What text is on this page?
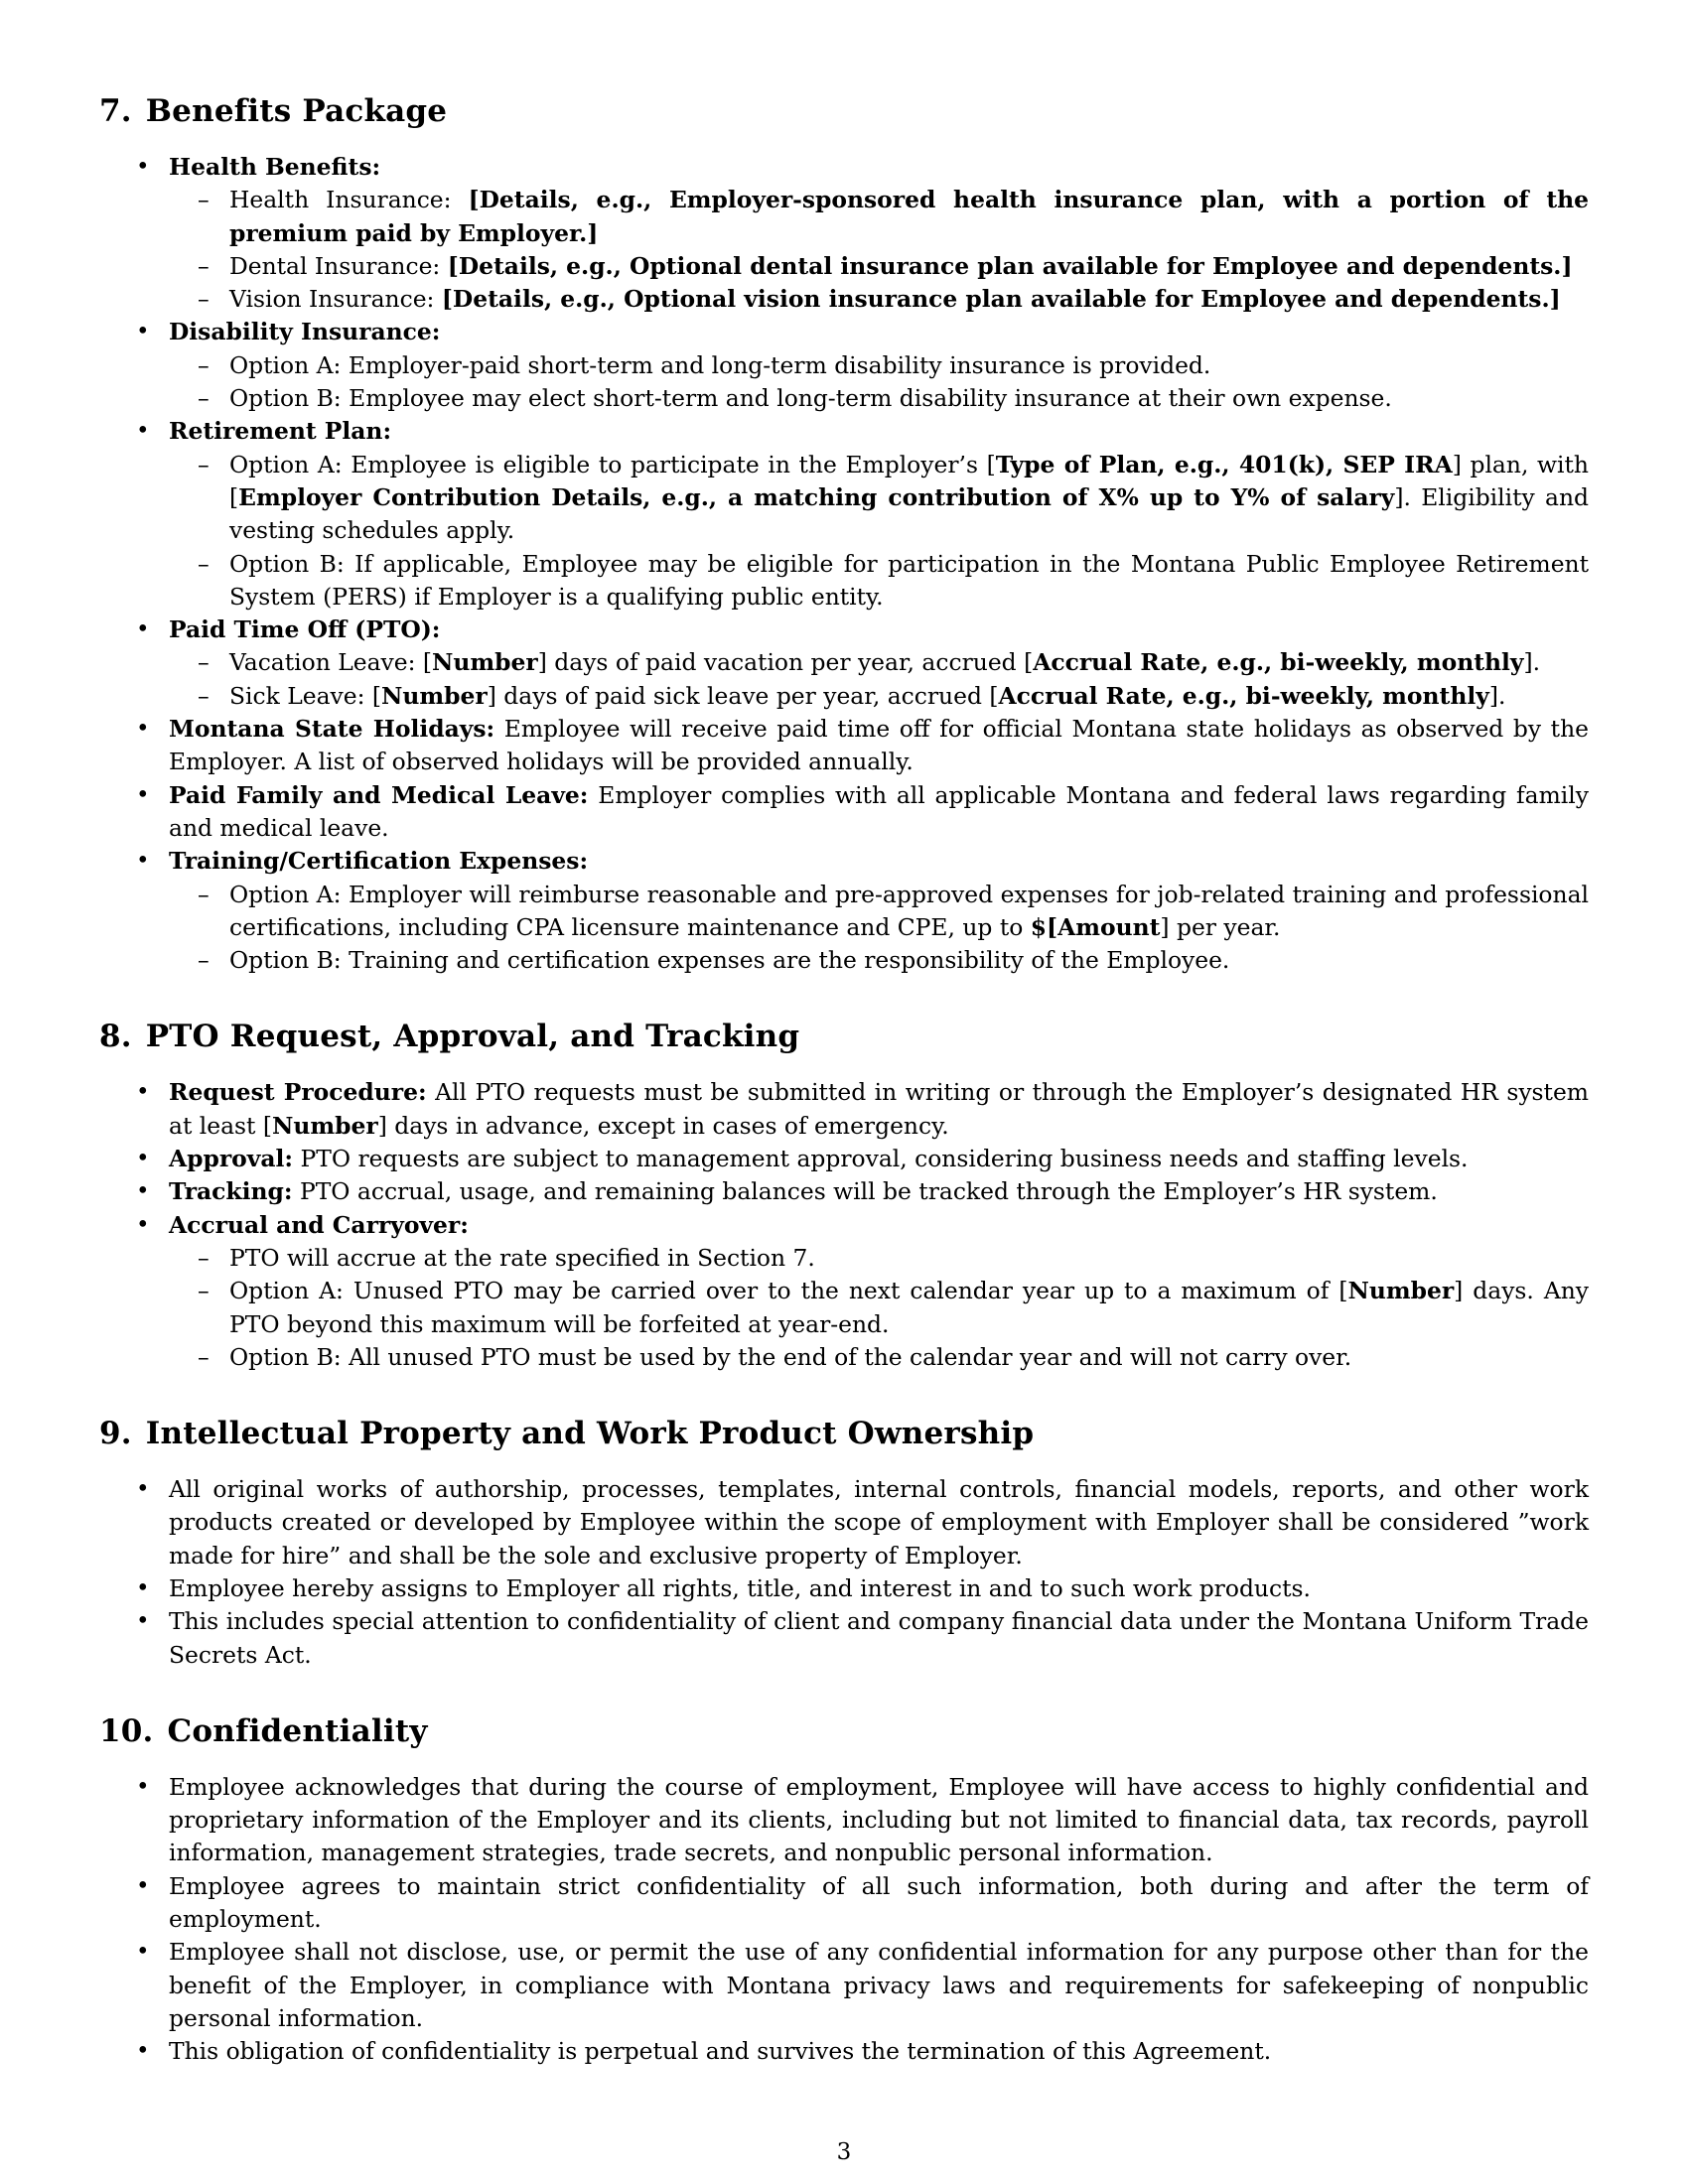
7. Benefits Package
• Health Benefits:
– Health Insurance: [Details, e.g., Employer-sponsored health insurance plan, with a portion of the premium paid by Employer.]
– Dental Insurance: [Details, e.g., Optional dental insurance plan available for Employee and dependents.]
– Vision Insurance: [Details, e.g., Optional vision insurance plan available for Employee and dependents.]
• Disability Insurance:
– Option A: Employer-paid short-term and long-term disability insurance is provided.
– Option B: Employee may elect short-term and long-term disability insurance at their own expense.
• Retirement Plan:
– Option A: Employee is eligible to participate in the Employer’s [Type of Plan, e.g., 401(k), SEP IRA] plan, with [Employer Contribution Details, e.g., a matching contribution of X% up to Y% of salary]. Eligibility and vesting schedules apply.
– Option B: If applicable, Employee may be eligible for participation in the Montana Public Employee Retirement System (PERS) if Employer is a qualifying public entity.
• Paid Time Off (PTO):
– Vacation Leave: [Number] days of paid vacation per year, accrued [Accrual Rate, e.g., bi-weekly, monthly].
– Sick Leave: [Number] days of paid sick leave per year, accrued [Accrual Rate, e.g., bi-weekly, monthly].
• Montana State Holidays: Employee will receive paid time off for official Montana state holidays as observed by the Employer. A list of observed holidays will be provided annually.
• Paid Family and Medical Leave: Employer complies with all applicable Montana and federal laws regarding family and medical leave.
• Training/Certification Expenses:
– Option A: Employer will reimburse reasonable and pre-approved expenses for job-related training and professional certifications, including CPA licensure maintenance and CPE, up to $[Amount] per year.
– Option B: Training and certification expenses are the responsibility of the Employee.
8. PTO Request, Approval, and Tracking
• Request Procedure: All PTO requests must be submitted in writing or through the Employer’s designated HR system at least [Number] days in advance, except in cases of emergency.
• Approval: PTO requests are subject to management approval, considering business needs and staffing levels.
• Tracking: PTO accrual, usage, and remaining balances will be tracked through the Employer’s HR system.
• Accrual and Carryover:
– PTO will accrue at the rate specified in Section 7.
– Option A: Unused PTO may be carried over to the next calendar year up to a maximum of [Number] days. Any PTO beyond this maximum will be forfeited at year-end.
– Option B: All unused PTO must be used by the end of the calendar year and will not carry over.
9. Intellectual Property and Work Product Ownership
• All original works of authorship, processes, templates, internal controls, financial models, reports, and other work products created or developed by Employee within the scope of employment with Employer shall be considered ”work made for hire” and shall be the sole and exclusive property of Employer.
• Employee hereby assigns to Employer all rights, title, and interest in and to such work products.
• This includes special attention to confidentiality of client and company financial data under the Montana Uniform Trade Secrets Act.
10. Confidentiality
• Employee acknowledges that during the course of employment, Employee will have access to highly confidential and proprietary information of the Employer and its clients, including but not limited to financial data, tax records, payroll information, management strategies, trade secrets, and nonpublic personal information.
• Employee agrees to maintain strict confidentiality of all such information, both during and after the term of employment.
• Employee shall not disclose, use, or permit the use of any confidential information for any purpose other than for the benefit of the Employer, in compliance with Montana privacy laws and requirements for safekeeping of nonpublic personal information.
• This obligation of confidentiality is perpetual and survives the termination of this Agreement.
3
